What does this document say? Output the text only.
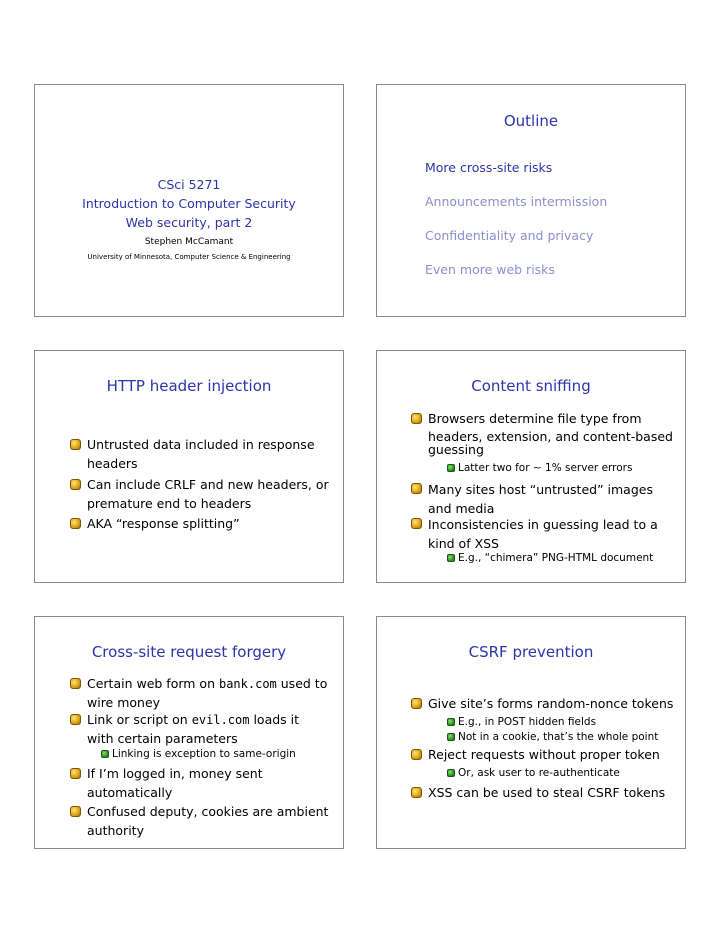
CSci 5271
Introduction to Computer Security
Web security, part 2
Stephen McCamant
University of Minnesota, Computer Science & Engineering
Outline
More cross-site risks
Announcements intermission
Confidentiality and privacy
Even more web risks
HTTP header injection
Untrusted data included in response
headers
Can include CRLF and new headers, or
premature end to headers
AKA “response splitting”
Content sniffing
Browsers determine file type from
headers, extension, and content-based
guessing
Latter two for ∼ 1% server errors
Many sites host “untrusted” images
and media
Inconsistencies in guessing lead to a
kind of XSS
E.g., “chimera” PNG-HTML document
Cross-site request forgery
Certain web form on bank.com used to
wire money
Link or script on evil.com loads it
with certain parameters
Linking is exception to same-origin
If I’m logged in, money sent
automatically
Confused deputy, cookies are ambient
authority
CSRF prevention
Give site’s forms random-nonce tokens
E.g., in POST hidden fields
Not in a cookie, that’s the whole point
Reject requests without proper token
Or, ask user to re-authenticate
XSS can be used to steal CSRF tokens
